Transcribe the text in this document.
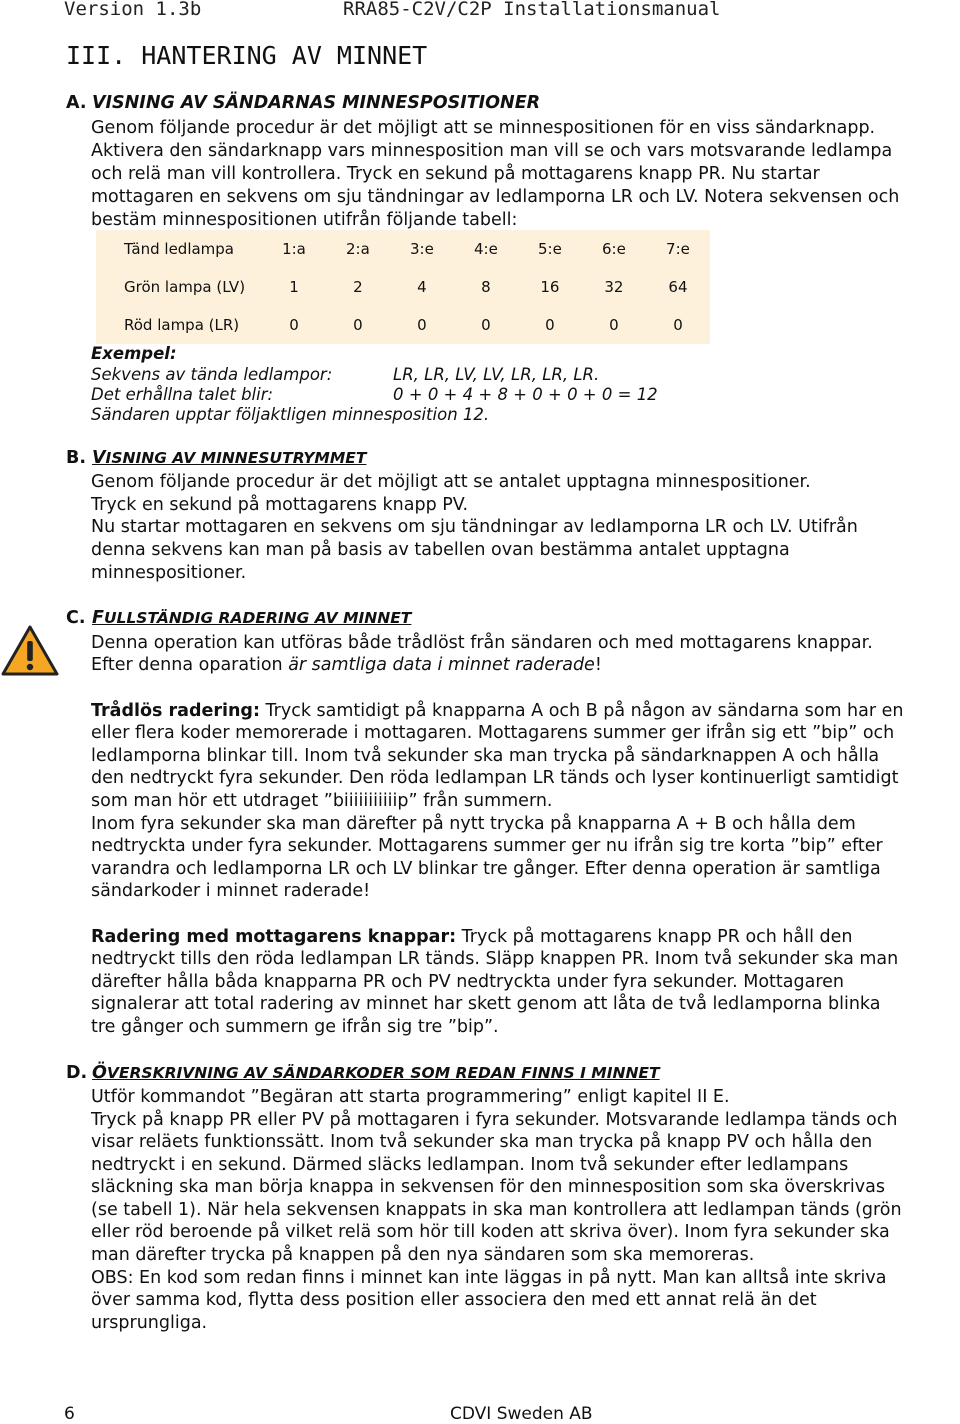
Version 1.3b	RRA85-C2V/C2P Installationsmanual
III. HANTERING AV MINNET
A. VISNING AV SÄNDARNAS MINNESPOSITIONER
Genom följande procedur är det möjligt att se minnespositionen för en viss sändarknapp.
Aktivera den sändarknapp vars minnesposition man vill se och vars motsvarande ledlampa
och relä man vill kontrollera. Tryck en sekund på mottagarens knapp PR. Nu startar
mottagaren en sekvens om sju tändningar av ledlamporna LR och LV. Notera sekvensen och
bestäm minnespositionen utifrån följande tabell:
Tänd ledlampa	1:a	2:a	3:e	4:e	5:e	6:e	7:e
Grön lampa (LV)	1	2	4	8	16	32	64
Röd lampa (LR)	0	0	0	0	0	0	0
Exempel:
Sekvens av tända ledlampor:	LR, LR, LV, LV, LR, LR, LR.
Det erhållna talet blir:	0 + 0 + 4 + 8 + 0 + 0 + 0 = 12
Sändaren upptar följaktligen minnesposition 12.
B. VISNING AV MINNESUTRYMMET
Genom följande procedur är det möjligt att se antalet upptagna minnespositioner.
Tryck en sekund på mottagarens knapp PV.
Nu startar mottagaren en sekvens om sju tändningar av ledlamporna LR och LV. Utifrån
denna sekvens kan man på basis av tabellen ovan bestämma antalet upptagna
minnespositioner.
C. FULLSTÄNDIG RADERING AV MINNET
Denna operation kan utföras både trådlöst från sändaren och med mottagarens knappar.
Efter denna oparation är samtliga data i minnet raderade!
Trådlös radering: Tryck samtidigt på knapparna A och B på någon av sändarna som har en
eller flera koder memorerade i mottagaren. Mottagarens summer ger ifrån sig ett ”bip” och
ledlamporna blinkar till. Inom två sekunder ska man trycka på sändarknappen A och hålla
den nedtryckt fyra sekunder. Den röda ledlampan LR tänds och lyser kontinuerligt samtidigt
som man hör ett utdraget ”biiiiiiiiiiip” från summern.
Inom fyra sekunder ska man därefter på nytt trycka på knapparna A + B och hålla dem
nedtryckta under fyra sekunder. Mottagarens summer ger nu ifrån sig tre korta ”bip” efter
varandra och ledlamporna LR och LV blinkar tre gånger. Efter denna operation är samtliga
sändarkoder i minnet raderade!
Radering med mottagarens knappar: Tryck på mottagarens knapp PR och håll den
nedtryckt tills den röda ledlampan LR tänds. Släpp knappen PR. Inom två sekunder ska man
därefter hålla båda knapparna PR och PV nedtryckta under fyra sekunder. Mottagaren
signalerar att total radering av minnet har skett genom att låta de två ledlamporna blinka
tre gånger och summern ge ifrån sig tre ”bip”.
D. ÖVERSKRIVNING AV SÄNDARKODER SOM REDAN FINNS I MINNET
Utför kommandot ”Begäran att starta programmering” enligt kapitel II E.
Tryck på knapp PR eller PV på mottagaren i fyra sekunder. Motsvarande ledlampa tänds och
visar reläets funktionssätt. Inom två sekunder ska man trycka på knapp PV och hålla den
nedtryckt i en sekund. Därmed släcks ledlampan. Inom två sekunder efter ledlampans
släckning ska man börja knappa in sekvensen för den minnesposition som ska överskrivas
(se tabell 1). När hela sekvensen knappats in ska man kontrollera att ledlampan tänds (grön
eller röd beroende på vilket relä som hör till koden att skriva över). Inom fyra sekunder ska
man därefter trycka på knappen på den nya sändaren som ska memoreras.
OBS: En kod som redan finns i minnet kan inte läggas in på nytt. Man kan alltså inte skriva
över samma kod, flytta dess position eller associera den med ett annat relä än det
ursprungliga.
6	CDVI Sweden AB
